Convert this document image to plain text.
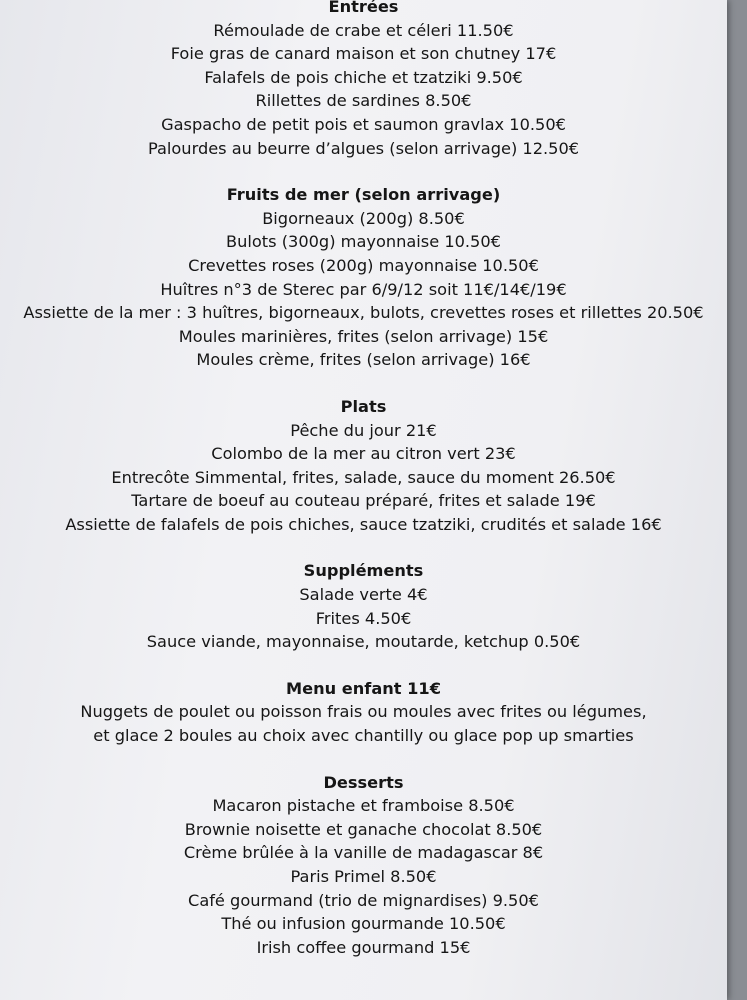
Entrées
Rémoulade de crabe et céleri 11.50€
Foie gras de canard maison et son chutney 17€
Falafels de pois chiche et tzatziki 9.50€
Rillettes de sardines 8.50€
Gaspacho de petit pois et saumon gravlax 10.50€
Palourdes au beurre d’algues (selon arrivage) 12.50€
Fruits de mer (selon arrivage)
Bigorneaux (200g) 8.50€
Bulots (300g) mayonnaise 10.50€
Crevettes roses (200g) mayonnaise 10.50€
Huîtres n°3 de Sterec par 6/9/12 soit 11€/14€/19€
Assiette de la mer : 3 huîtres, bigorneaux, bulots, crevettes roses et rillettes 20.50€
Moules marinières, frites (selon arrivage) 15€
Moules crème, frites (selon arrivage) 16€
Plats
Pêche du jour 21€
Colombo de la mer au citron vert 23€
Entrecôte Simmental, frites, salade, sauce du moment 26.50€
Tartare de boeuf au couteau préparé, frites et salade 19€
Assiette de falafels de pois chiches, sauce tzatziki, crudités et salade 16€
Suppléments
Salade verte 4€
Frites 4.50€
Sauce viande, mayonnaise, moutarde, ketchup 0.50€
Menu enfant 11€
Nuggets de poulet ou poisson frais ou moules avec frites ou légumes,
et glace 2 boules au choix avec chantilly ou glace pop up smarties
Desserts
Macaron pistache et framboise 8.50€
Brownie noisette et ganache chocolat 8.50€
Crème brûlée à la vanille de madagascar 8€
Paris Primel 8.50€
Café gourmand (trio de mignardises) 9.50€
Thé ou infusion gourmande 10.50€
Irish coffee gourmand 15€
